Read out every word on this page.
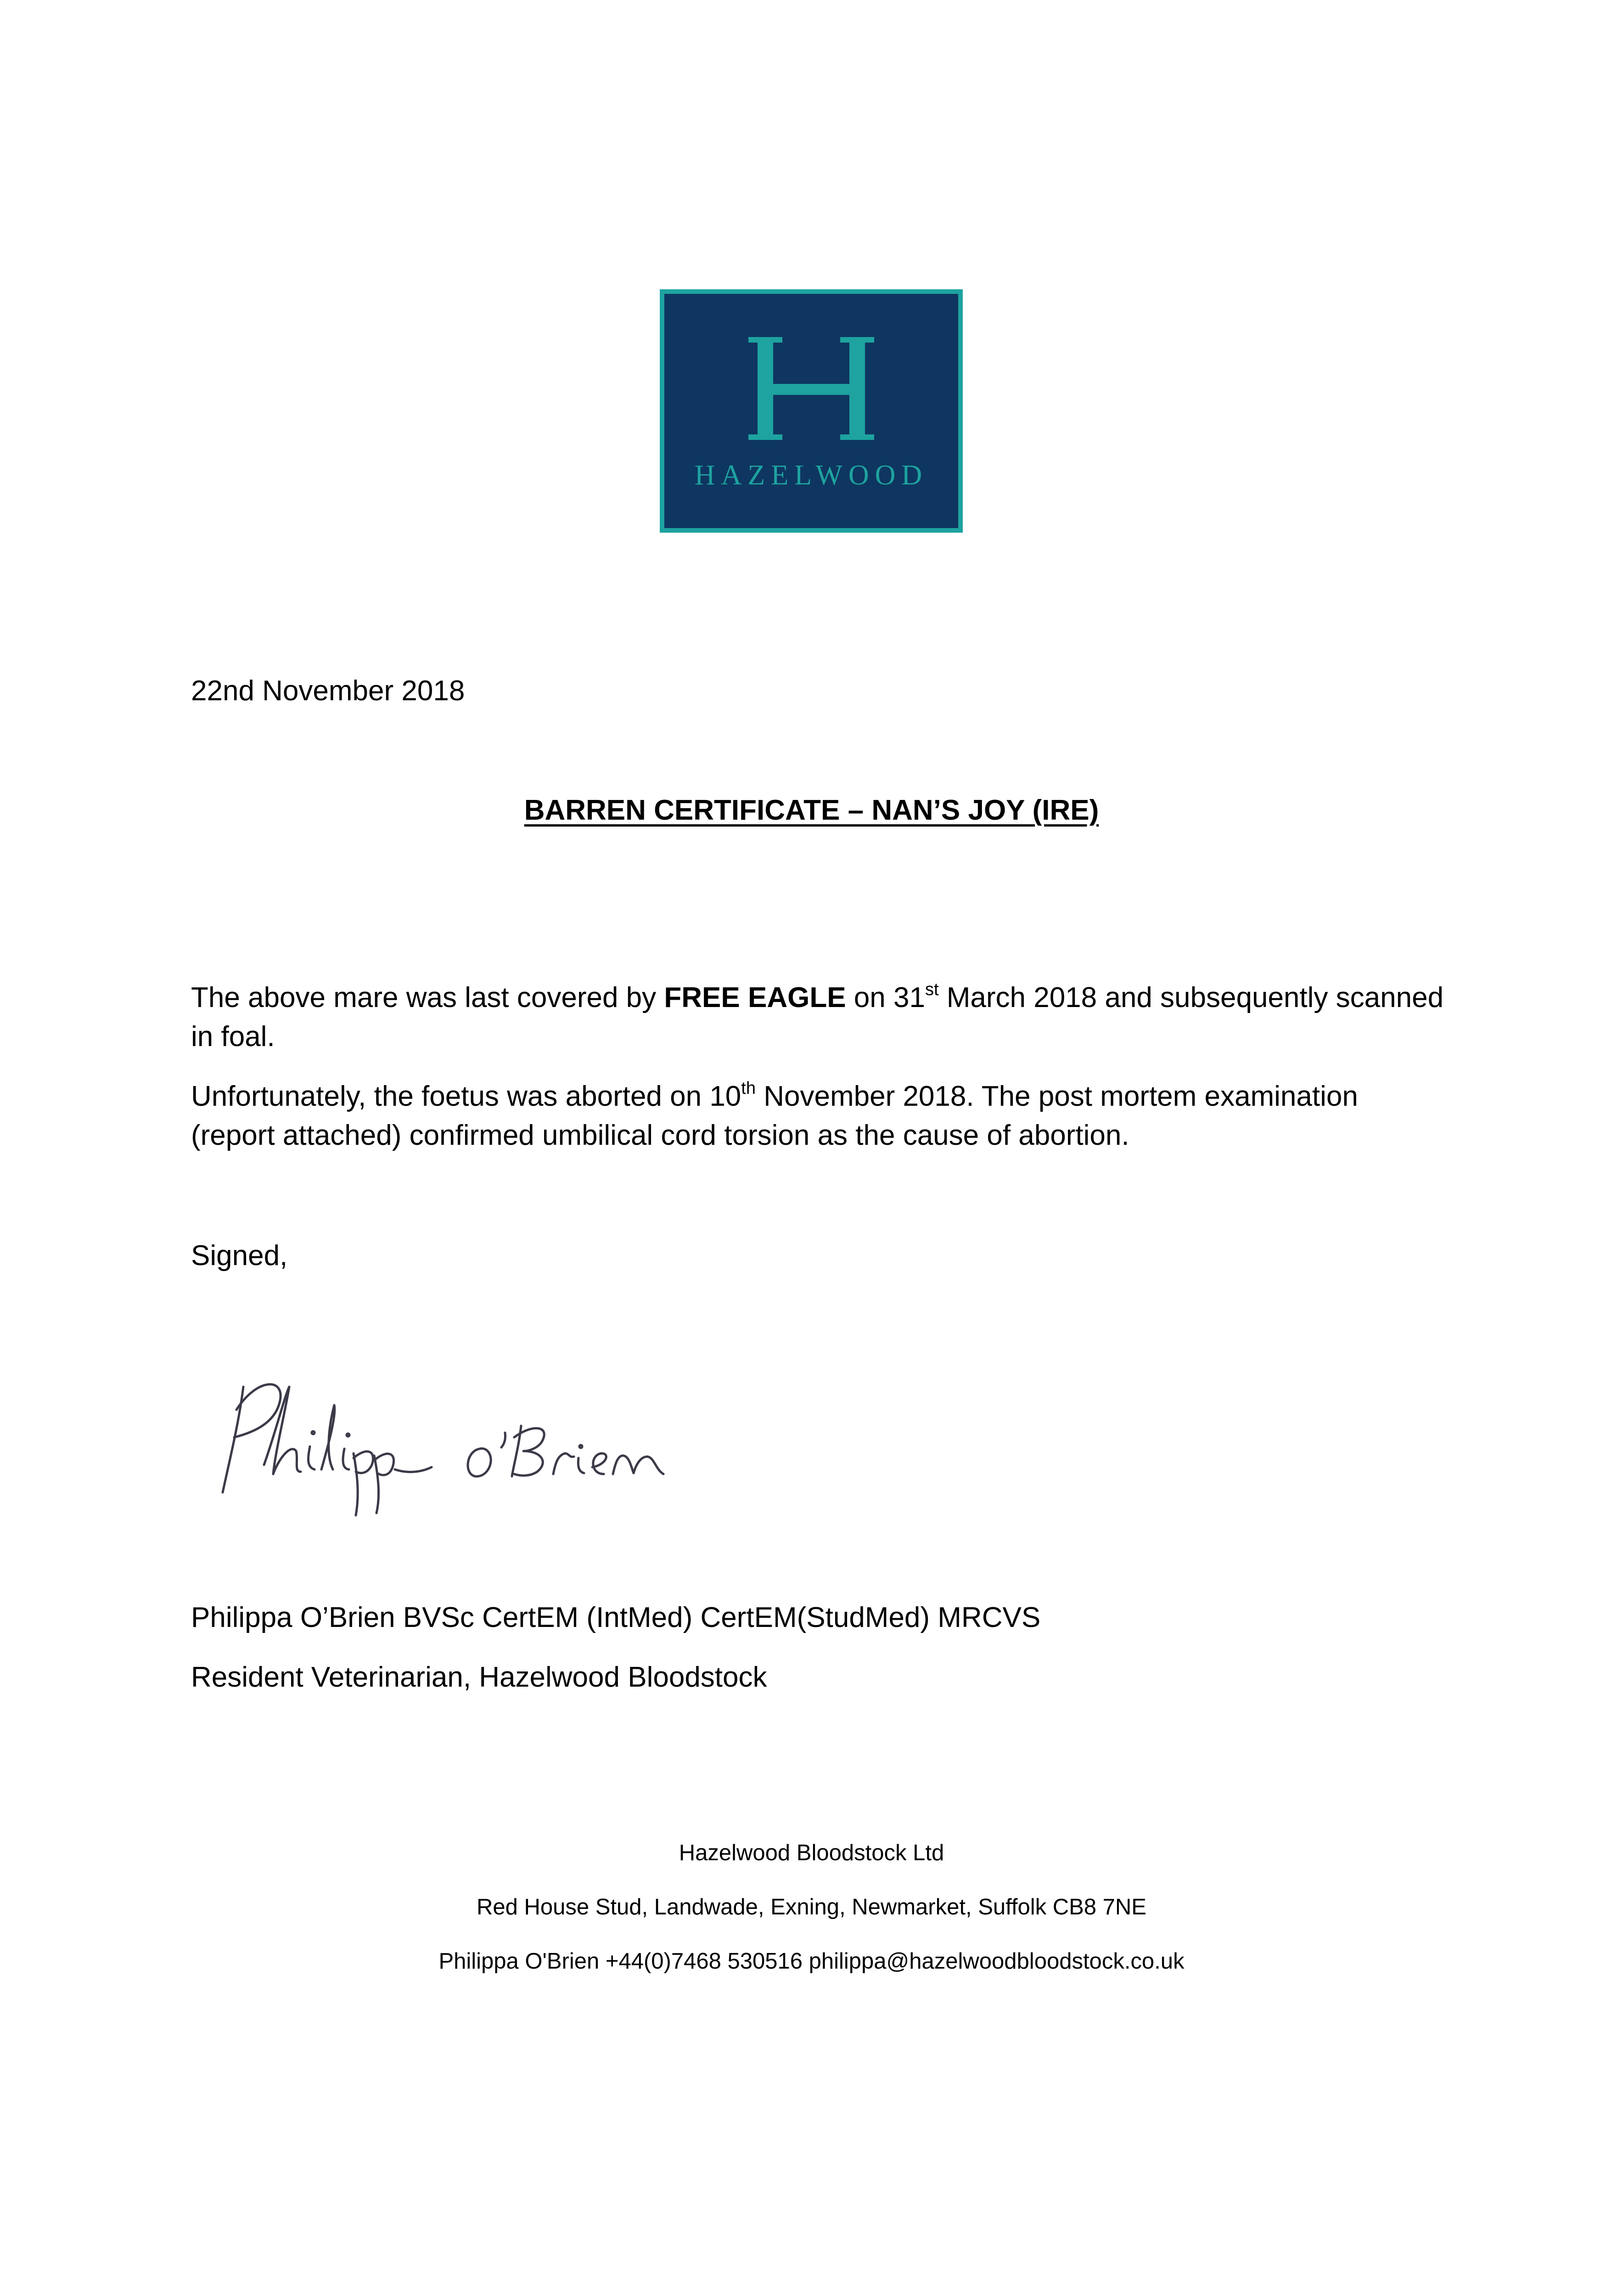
HAZELWOOD
22nd November 2018
BARREN CERTIFICATE – NAN’S JOY (IRE)
The above mare was last covered by FREE EAGLE on 31st March 2018 and subsequently scanned
in foal.
Unfortunately, the foetus was aborted on 10th November 2018. The post mortem examination
(report attached) confirmed umbilical cord torsion as the cause of abortion.
Signed,
Philippa O’Brien BVSc CertEM (IntMed) CertEM(StudMed) MRCVS
Resident Veterinarian, Hazelwood Bloodstock
Hazelwood Bloodstock Ltd
Red House Stud, Landwade, Exning, Newmarket, Suffolk CB8 7NE
Philippa O'Brien +44(0)7468 530516 philippa@hazelwoodbloodstock.co.uk
